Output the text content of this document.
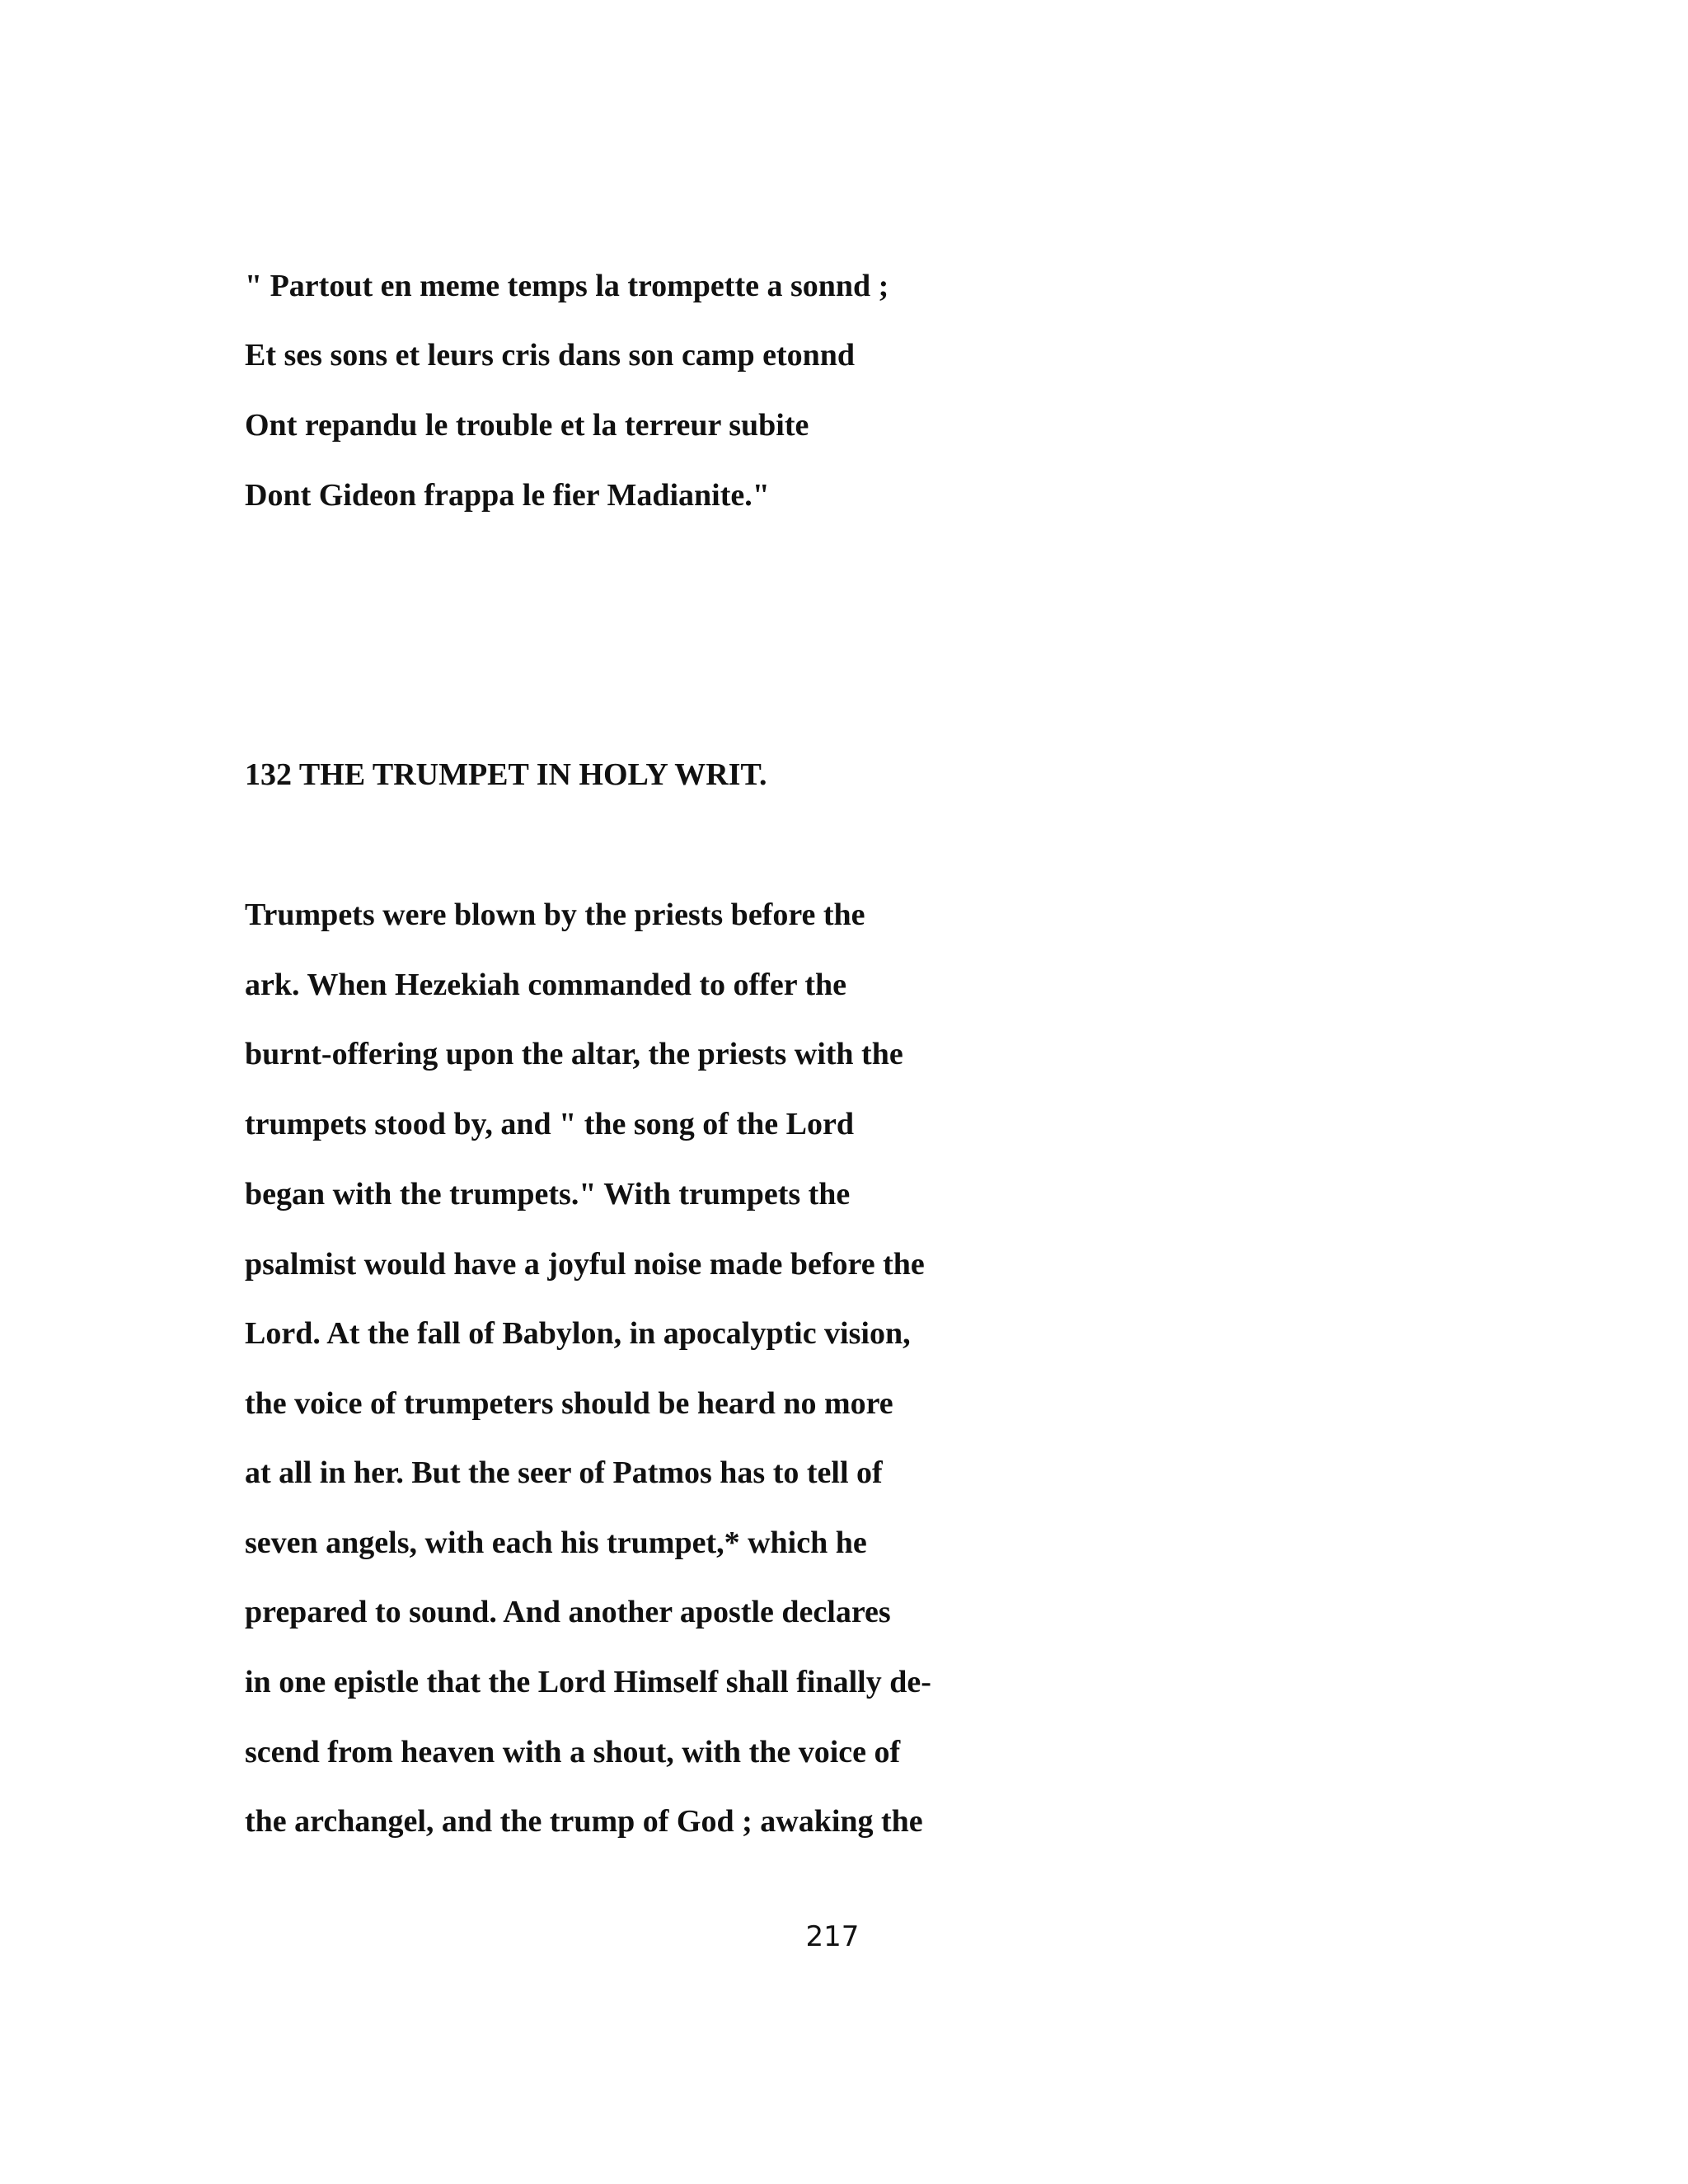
" Partout en meme temps la trompette a sonnd ;

Et ses sons et leurs cris dans son camp etonnd

Ont repandu le trouble et la terreur subite

Dont Gideon frappa le fier Madianite."

132 THE TRUMPET IN HOLY WRIT.

Trumpets were blown by the priests before the

ark. When Hezekiah commanded to offer the

burnt-offering upon the altar, the priests with the

trumpets stood by, and " the song of the Lord

began with the trumpets." With trumpets the

psalmist would have a joyful noise made before the

Lord. At the fall of Babylon, in apocalyptic vision,

the voice of trumpeters should be heard no more

at all in her. But the seer of Patmos has to tell of

seven angels, with each his trumpet,* which he

prepared to sound. And another apostle declares

in one epistle that the Lord Himself shall finally de-

scend from heaven with a shout, with the voice of

the archangel, and the trump of God ; awaking the

217
